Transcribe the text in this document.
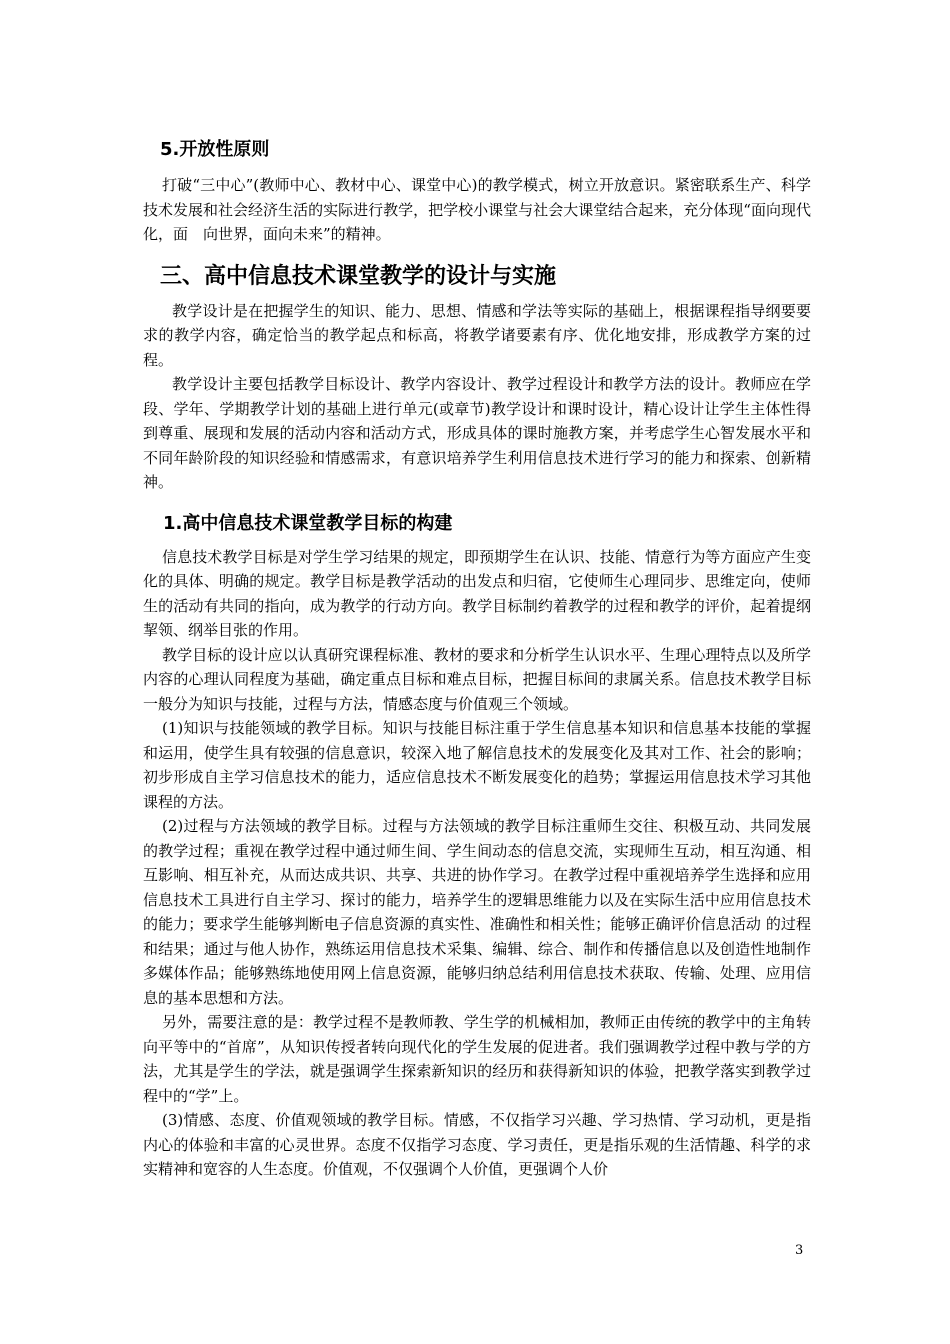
5.开放性原则

打破“三中心”(教师中心、教材中心、课堂中心)的教学模式，树立开放意识。紧密联系生产、科学技术发展和社会经济生活的实际进行教学，把学校小课堂与社会大课堂结合起来，充分体现“面向现代化，面　向世界，面向未来”的精神。

三、高中信息技术课堂教学的设计与实施

教学设计是在把握学生的知识、能力、思想、情感和学法等实际的基础上，根据课程指导纲要要求的教学内容，确定恰当的教学起点和标高，将教学诸要素有序、优化地安排，形成教学方案的过程。

教学设计主要包括教学目标设计、教学内容设计、教学过程设计和教学方法的设计。教师应在学段、学年、学期教学计划的基础上进行单元(或章节)教学设计和课时设计，精心设计让学生主体性得到尊重、展现和发展的活动内容和活动方式，形成具体的课时施教方案，并考虑学生心智发展水平和不同年龄阶段的知识经验和情感需求，有意识培养学生利用信息技术进行学习的能力和探索、创新精神。

1.高中信息技术课堂教学目标的构建

信息技术教学目标是对学生学习结果的规定，即预期学生在认识、技能、情意行为等方面应产生变化的具体、明确的规定。教学目标是教学活动的出发点和归宿，它使师生心理同步、思维定向，使师生的活动有共同的指向，成为教学的行动方向。教学目标制约着教学的过程和教学的评价，起着提纲挈领、纲举目张的作用。

教学目标的设计应以认真研究课程标准、教材的要求和分析学生认识水平、生理心理特点以及所学内容的心理认同程度为基础，确定重点目标和难点目标，把握目标间的隶属关系。信息技术教学目标一般分为知识与技能，过程与方法，情感态度与价值观三个领域。

(1)知识与技能领域的教学目标。知识与技能目标注重于学生信息基本知识和信息基本技能的掌握和运用，使学生具有较强的信息意识，较深入地了解信息技术的发展变化及其对工作、社会的影响；初步形成自主学习信息技术的能力，适应信息技术不断发展变化的趋势；掌握运用信息技术学习其他课程的方法。

(2)过程与方法领域的教学目标。过程与方法领域的教学目标注重师生交往、积极互动、共同发展的教学过程；重视在教学过程中通过师生间、学生间动态的信息交流，实现师生互动，相互沟通、相互影响、相互补充，从而达成共识、共享、共进的协作学习。在教学过程中重视培养学生选择和应用信息技术工具进行自主学习、探讨的能力，培养学生的逻辑思维能力以及在实际生活中应用信息技术的能力；要求学生能够判断电子信息资源的真实性、准确性和相关性；能够正确评价信息活动 的过程和结果；通过与他人协作，熟练运用信息技术采集、编辑、综合、制作和传播信息以及创造性地制作多媒体作品；能够熟练地使用网上信息资源，能够归纳总结利用信息技术获取、传输、处理、应用信息的基本思想和方法。

另外，需要注意的是：教学过程不是教师教、学生学的机械相加，教师正由传统的教学中的主角转向平等中的“首席”，从知识传授者转向现代化的学生发展的促进者。我们强调教学过程中教与学的方法，尤其是学生的学法，就是强调学生探索新知识的经历和获得新知识的体验，把教学落实到教学过程中的“学”上。

(3)情感、态度、价值观领域的教学目标。情感，不仅指学习兴趣、学习热情、学习动机，更是指内心的体验和丰富的心灵世界。态度不仅指学习态度、学习责任，更是指乐观的生活情趣、科学的求实精神和宽容的人生态度。价值观，不仅强调个人价值，更强调个人价

3
